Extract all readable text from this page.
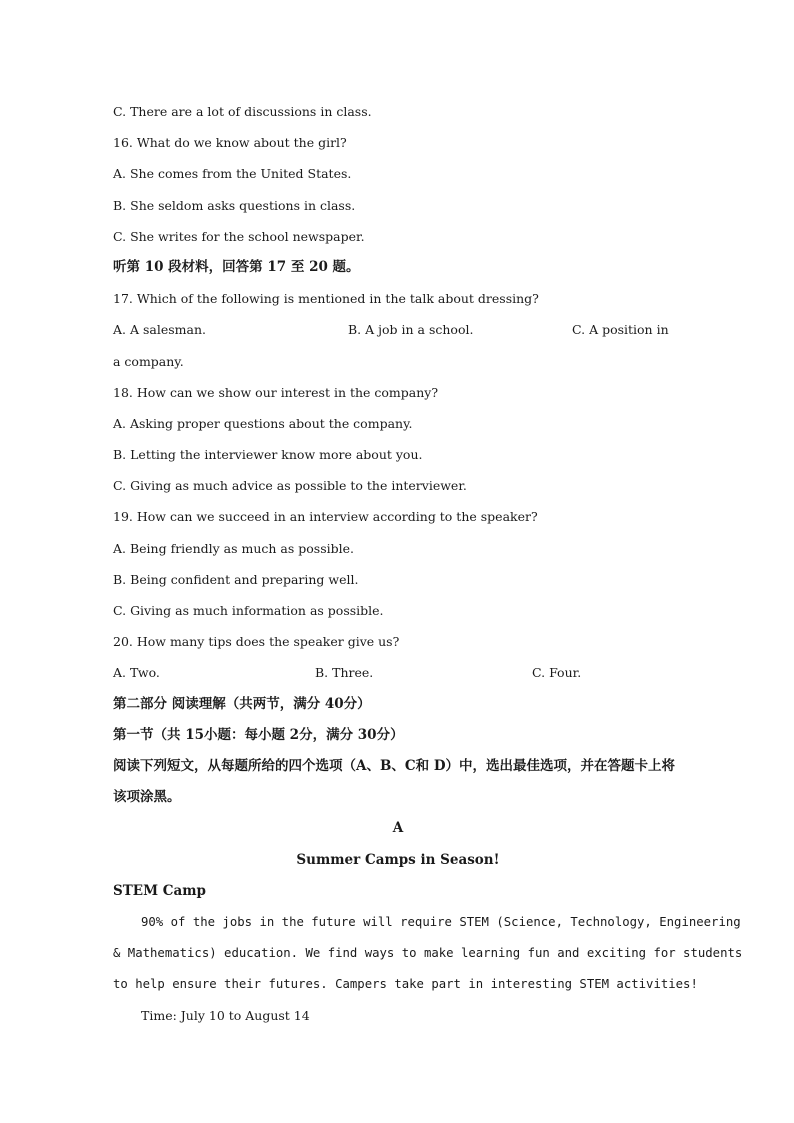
C. There are a lot of discussions in class.
16. What do we know about the girl?
A. She comes from the United States.
B. She seldom asks questions in class.
C. She writes for the school newspaper.
听第 10 段材料，回答第 17 至 20 题。
17. Which of the following is mentioned in the talk about dressing?
A. A salesman.	B. A job in a school.	C. A position in
a company.
18. How can we show our interest in the company?
A. Asking proper questions about the company.
B. Letting the interviewer know more about you.
C. Giving as much advice as possible to the interviewer.
19. How can we succeed in an interview according to the speaker?
A. Being friendly as much as possible.
B. Being confident and preparing well.
C. Giving as much information as possible.
20. How many tips does the speaker give us?
A. Two.	B. Three.	C. Four.
第二部分 阅读理解（共两节，满分 40分）
第一节（共 15小题：每小题 2分，满分 30分）
阅读下列短文，从每题所给的四个选项（A、B、C和 D）中，选出最佳选项，并在答题卡上将
该项涂黑。
A
Summer Camps in Season!
STEM Camp
90% of the jobs in the future will require STEM (Science, Technology, Engineering
& Mathematics) education. We find ways to make learning fun and exciting for students
to help ensure their futures. Campers take part in interesting STEM activities!
Time: July 10 to August 14
